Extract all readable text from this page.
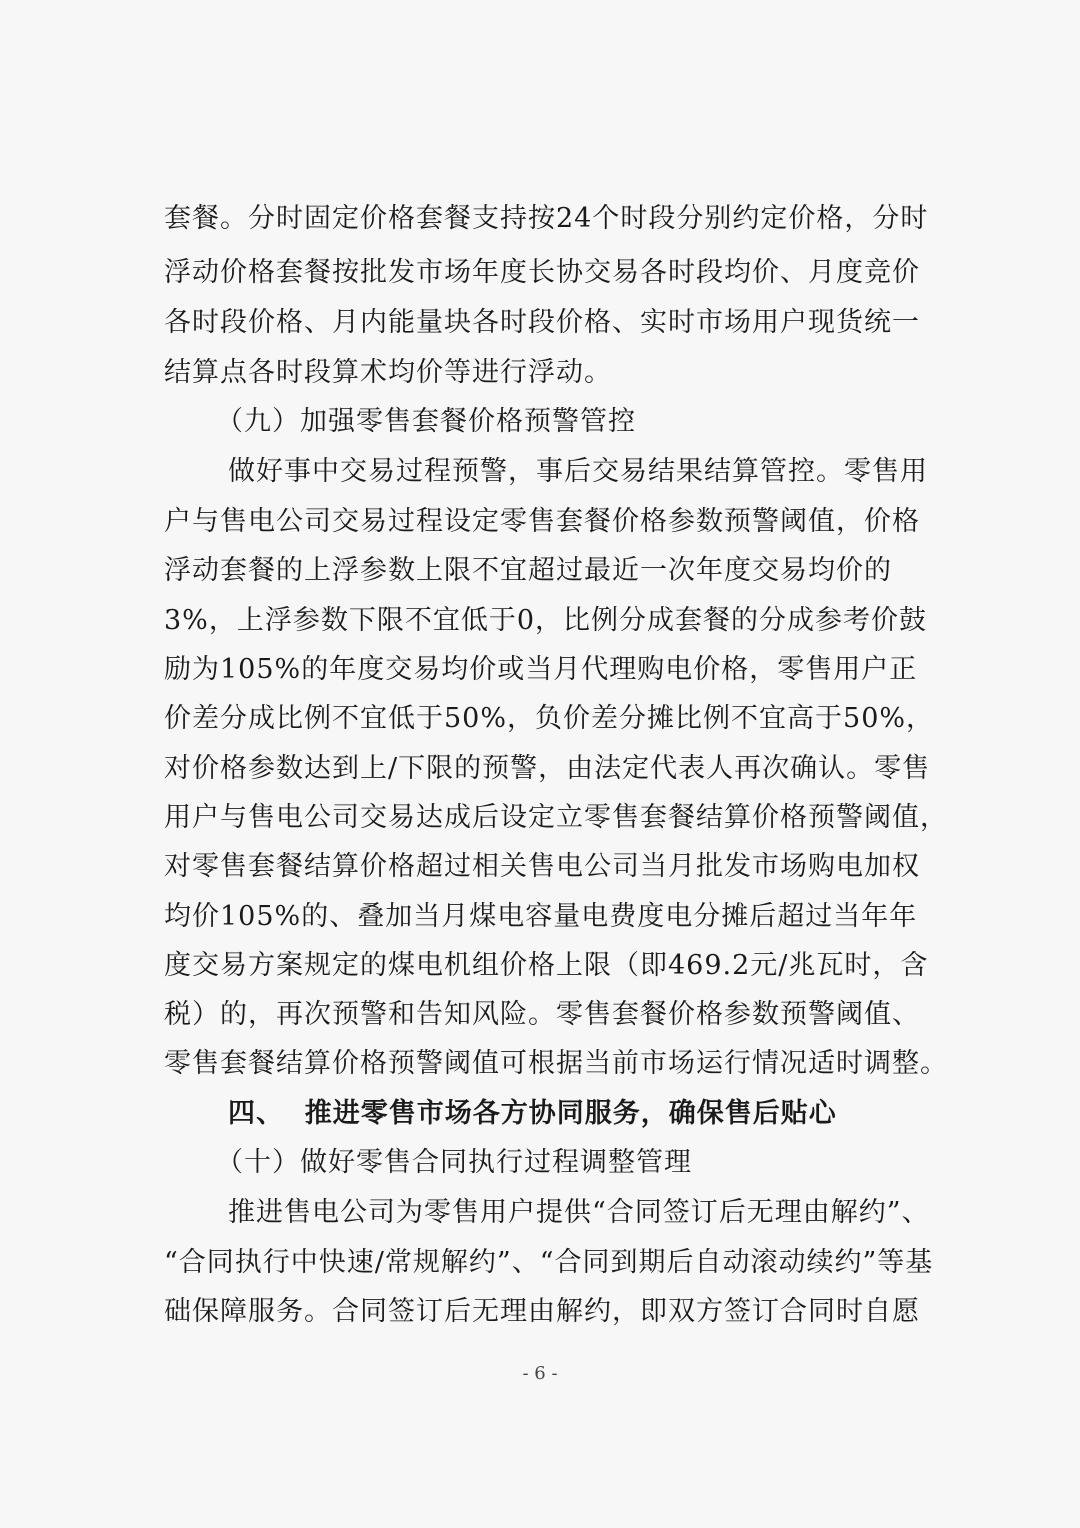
套餐。分时固定价格套餐支持按24个时段分别约定价格，分时
浮动价格套餐按批发市场年度长协交易各时段均价、月度竞价
各时段价格、月内能量块各时段价格、实时市场用户现货统一
结算点各时段算术均价等进行浮动。
（九）加强零售套餐价格预警管控
做好事中交易过程预警，事后交易结果结算管控。零售用
户与售电公司交易过程设定零售套餐价格参数预警阈值，价格
浮动套餐的上浮参数上限不宜超过最近一次年度交易均价的
3%，上浮参数下限不宜低于0，比例分成套餐的分成参考价鼓
励为105%的年度交易均价或当月代理购电价格，零售用户正
价差分成比例不宜低于50%，负价差分摊比例不宜高于50%，
对价格参数达到上/下限的预警，由法定代表人再次确认。零售
用户与售电公司交易达成后设定立零售套餐结算价格预警阈值，
对零售套餐结算价格超过相关售电公司当月批发市场购电加权
均价105%的、叠加当月煤电容量电费度电分摊后超过当年年
度交易方案规定的煤电机组价格上限（即469.2元/兆瓦时，含
税）的，再次预警和告知风险。零售套餐价格参数预警阈值、
零售套餐结算价格预警阈值可根据当前市场运行情况适时调整。
四、  推进零售市场各方协同服务，确保售后贴心
（十）做好零售合同执行过程调整管理
推进售电公司为零售用户提供“合同签订后无理由解约”、
“合同执行中快速/常规解约”、“合同到期后自动滚动续约”等基
础保障服务。合同签订后无理由解约，即双方签订合同时自愿
- 6 -
